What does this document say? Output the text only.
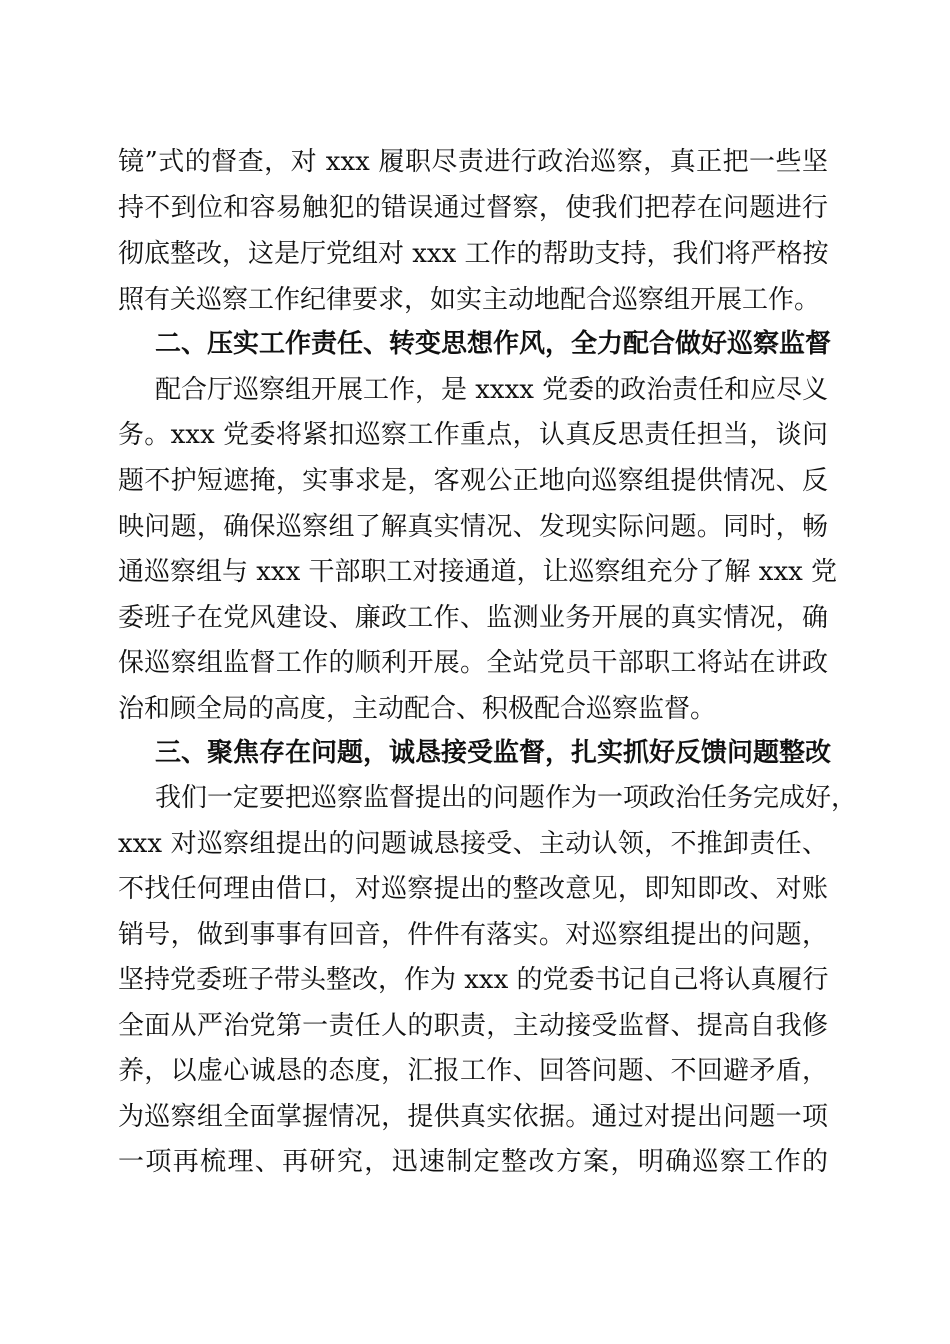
镜”式的督查，对 xxx 履职尽责进行政治巡察，真正把一些坚
持不到位和容易触犯的错误通过督察，使我们把荐在问题进行
彻底整改，这是厅党组对 xxx 工作的帮助支持，我们将严格按
照有关巡察工作纪律要求，如实主动地配合巡察组开展工作。
二、压实工作责任、转变思想作风，全力配合做好巡察监督
配合厅巡察组开展工作，是 xxxx 党委的政治责任和应尽义
务。xxx 党委将紧扣巡察工作重点，认真反思责任担当，谈问
题不护短遮掩，实事求是，客观公正地向巡察组提供情况、反
映问题，确保巡察组了解真实情况、发现实际问题。同时，畅
通巡察组与 xxx 干部职工对接通道，让巡察组充分了解 xxx 党
委班子在党风建设、廉政工作、监测业务开展的真实情况，确
保巡察组监督工作的顺利开展。全站党员干部职工将站在讲政
治和顾全局的高度，主动配合、积极配合巡察监督。
三、聚焦存在问题，诚恳接受监督，扎实抓好反馈问题整改
我们一定要把巡察监督提出的问题作为一项政治任务完成好，
xxx 对巡察组提出的问题诚恳接受、主动认领，不推卸责任、
不找任何理由借口，对巡察提出的整改意见，即知即改、对账
销号，做到事事有回音，件件有落实。对巡察组提出的问题，
坚持党委班子带头整改，作为 xxx 的党委书记自己将认真履行
全面从严治党第一责任人的职责，主动接受监督、提高自我修
养，以虚心诚恳的态度，汇报工作、回答问题、不回避矛盾，
为巡察组全面掌握情况，提供真实依据。通过对提出问题一项
一项再梳理、再研究，迅速制定整改方案，明确巡察工作的
